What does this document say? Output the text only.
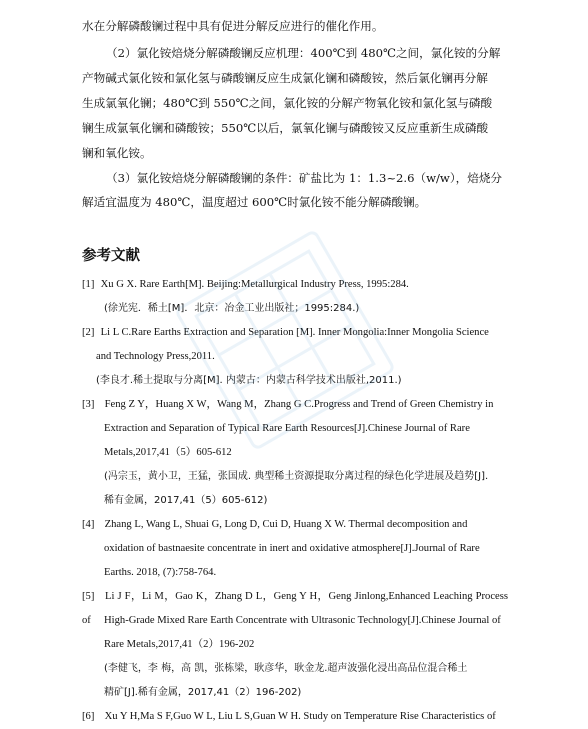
水在分解磷酸镧过程中具有促进分解反应进行的催化作用。
（2）氯化铵焙烧分解磷酸镧反应机理：400℃到 480℃之间，氯化铵的分解
产物碱式氯化铵和氯化氢与磷酸镧反应生成氯化镧和磷酸铵，然后氯化镧再分解
生成氯氧化镧；480℃到 550℃之间，氯化铵的分解产物氧化铵和氯化氢与磷酸
镧生成氯氧化镧和磷酸铵；550℃以后，氯氧化镧与磷酸铵又反应重新生成磷酸
镧和氧化铵。
（3）氯化铵焙烧分解磷酸镧的条件：矿盐比为 1：1.3~2.6（w/w），焙烧分
解适宜温度为 480℃，温度超过 600℃时氯化铵不能分解磷酸镧。
参考文献
[1] Xu G X. Rare Earth[M]. Beijing:Metallurgical Industry Press, 1995:284.
(徐光宪．稀土[M]．北京：冶金工业出版社；1995:284.)
[2] Li L C.Rare Earths Extraction and Separation [M]. Inner Mongolia:Inner Mongolia Science
and Technology Press,2011.
(李良才.稀土提取与分离[M]. 内蒙古：内蒙古科学技术出版社,2011.)
[3] Feng Z Y，Huang X W，Wang M，Zhang G C.Progress and Trend of Green Chemistry in
Extraction and Separation of Typical Rare Earth Resources[J].Chinese Journal of Rare
Metals,2017,41（5）605-612
(冯宗玉，黄小卫，王猛，张国成. 典型稀土资源提取分离过程的绿色化学进展及趋势[J].
稀有金属，2017,41（5）605-612)
[4] Zhang L, Wang L, Shuai G, Long D, Cui D, Huang X W. Thermal decomposition and
oxidation of bastnaesite concentrate in inert and oxidative atmosphere[J].Journal of Rare
Earths. 2018, (7):758-764.
[5] Li J F，Li M，Gao K，Zhang D L，Geng Y H，Geng Jinlong,Enhanced Leaching Process of	High-Grade Mixed Rare Earth Concentrate with Ultrasonic Technology[J].Chinese Journal of
Rare Metals,2017,41（2）196-202
(李健飞，李 梅，高 凯，张栋梁，耿彦华，耿金龙.超声波强化浸出高品位混合稀土
精矿[J].稀有金属，2017,41（2）196-202)
[6] Xu Y H,Ma S F,Guo W L, Liu L S,Guan W H. Study on Temperature Rise Characteristics of
